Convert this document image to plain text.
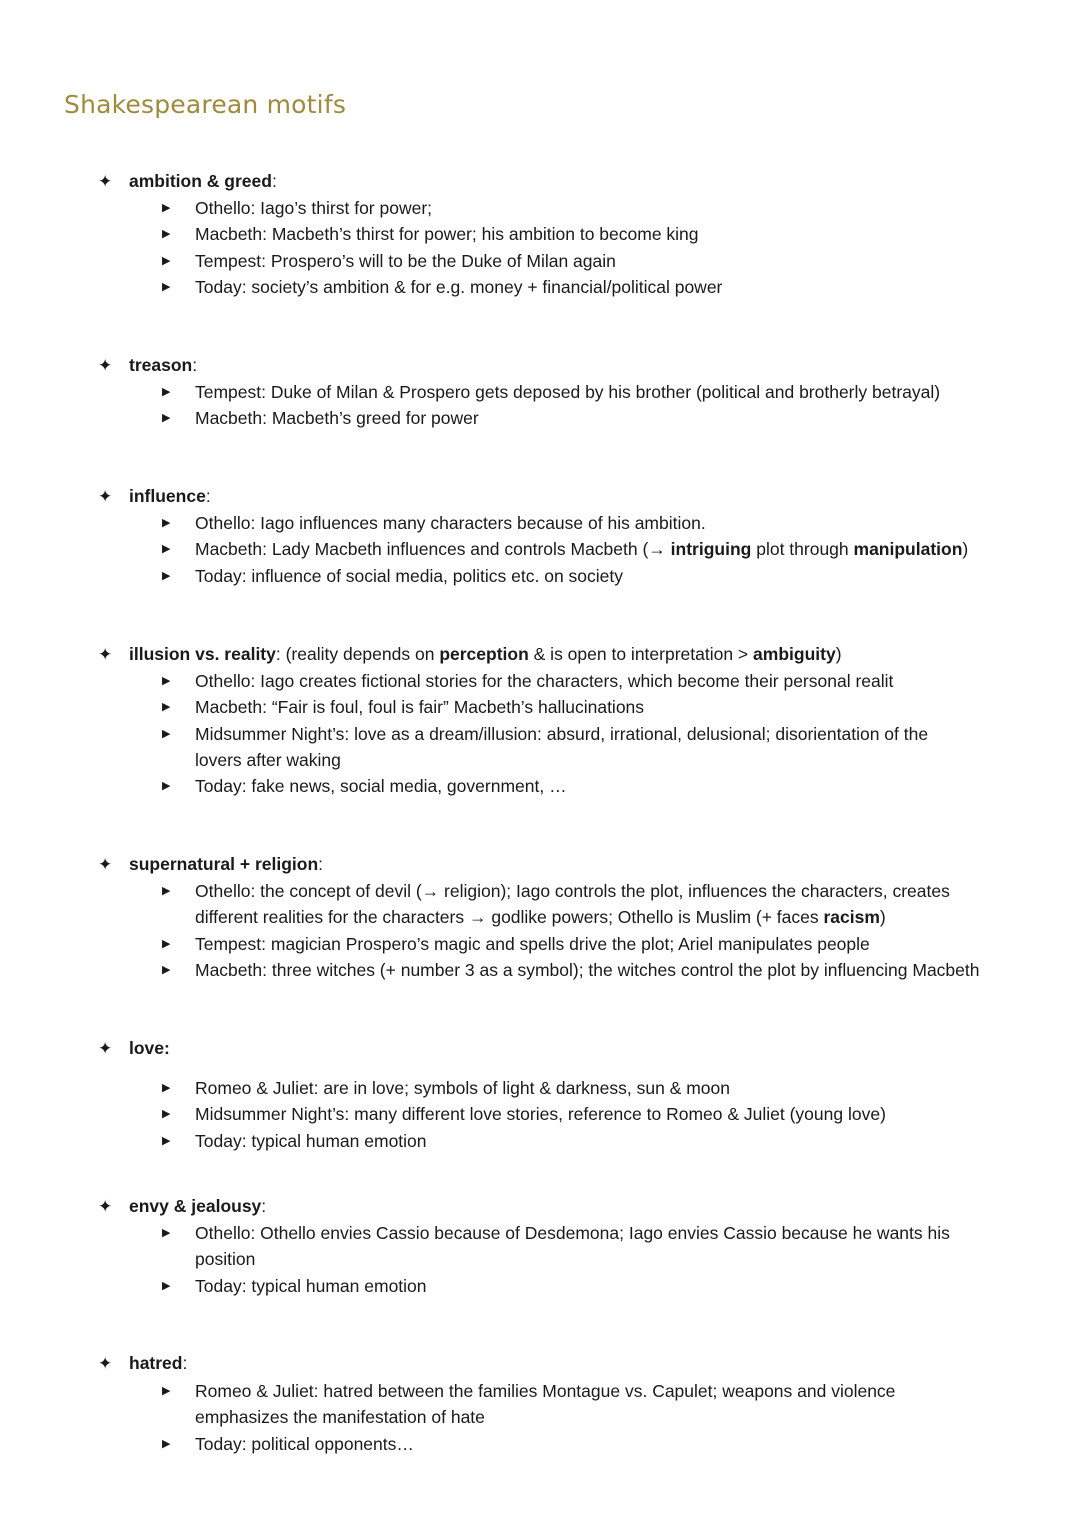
Shakespearean motifs
✦ ambition & greed:
▶ Othello: Iago’s thirst for power;
▶ Macbeth: Macbeth’s thirst for power; his ambition to become king
▶ Tempest: Prospero’s will to be the Duke of Milan again
▶ Today: society’s ambition & for e.g. money + financial/political power
✦ treason:
▶ Tempest: Duke of Milan & Prospero gets deposed by his brother (political and brotherly betrayal)
▶ Macbeth: Macbeth’s greed for power
✦ influence:
▶ Othello: Iago influences many characters because of his ambition.
▶ Macbeth: Lady Macbeth influences and controls Macbeth (→ intriguing plot through manipulation)
▶ Today: influence of social media, politics etc. on society
✦ illusion vs. reality: (reality depends on perception & is open to interpretation > ambiguity)
▶ Othello: Iago creates fictional stories for the characters, which become their personal realit
▶ Macbeth: “Fair is foul, foul is fair” Macbeth’s hallucinations
▶ Midsummer Night’s: love as a dream/illusion: absurd, irrational, delusional; disorientation of the lovers after waking
▶ Today: fake news, social media, government, …
✦ supernatural + religion:
▶ Othello: the concept of devil (→ religion); Iago controls the plot, influences the characters, creates different realities for the characters → godlike powers; Othello is Muslim (+ faces racism)
▶ Tempest: magician Prospero’s magic and spells drive the plot; Ariel manipulates people
▶ Macbeth: three witches (+ number 3 as a symbol); the witches control the plot by influencing Macbeth
✦ love:
▶ Romeo & Juliet: are in love; symbols of light & darkness, sun & moon
▶ Midsummer Night’s: many different love stories, reference to Romeo & Juliet (young love)
▶ Today: typical human emotion
✦ envy & jealousy:
▶ Othello: Othello envies Cassio because of Desdemona; Iago envies Cassio because he wants his position
▶ Today: typical human emotion
✦ hatred:
▶ Romeo & Juliet: hatred between the families Montague vs. Capulet; weapons and violence emphasizes the manifestation of hate
▶ Today: political opponents…
